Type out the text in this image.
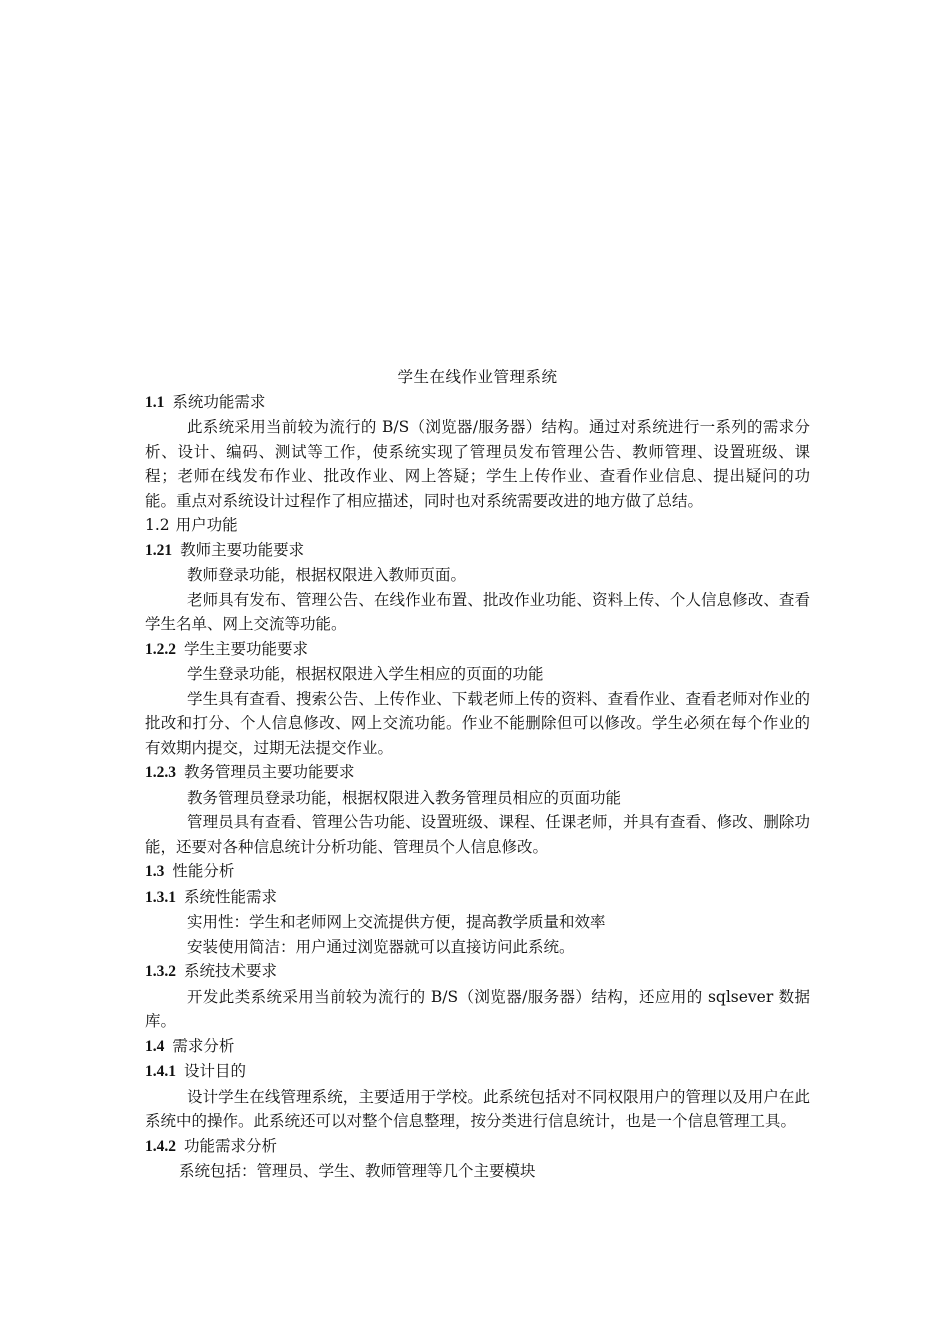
学生在线作业管理系统

1.1 系统功能需求

此系统采用当前较为流行的 B/S（浏览器/服务器）结构。通过对系统进行一系列的需求分析、设计、编码、测试等工作，使系统实现了管理员发布管理公告、教师管理、设置班级、课程；老师在线发布作业、批改作业、网上答疑；学生上传作业、查看作业信息、提出疑问的功能。重点对系统设计过程作了相应描述，同时也对系统需要改进的地方做了总结。

1.2 用户功能

1.21 教师主要功能要求

教师登录功能，根据权限进入教师页面。

老师具有发布、管理公告、在线作业布置、批改作业功能、资料上传、个人信息修改、查看学生名单、网上交流等功能。

1.2.2 学生主要功能要求

学生登录功能，根据权限进入学生相应的页面的功能

学生具有查看、搜索公告、上传作业、下载老师上传的资料、查看作业、查看老师对作业的批改和打分、个人信息修改、网上交流功能。作业不能删除但可以修改。学生必须在每个作业的有效期内提交，过期无法提交作业。

1.2.3 教务管理员主要功能要求

教务管理员登录功能，根据权限进入教务管理员相应的页面功能

管理员具有查看、管理公告功能、设置班级、课程、任课老师，并具有查看、修改、删除功能，还要对各种信息统计分析功能、管理员个人信息修改。

1.3 性能分析

1.3.1 系统性能需求

实用性：学生和老师网上交流提供方便，提高教学质量和效率

安装使用简洁：用户通过浏览器就可以直接访问此系统。

1.3.2 系统技术要求

开发此类系统采用当前较为流行的 B/S（浏览器/服务器）结构，还应用的 sqlsever 数据库。

1.4 需求分析

1.4.1 设计目的

设计学生在线管理系统，主要适用于学校。此系统包括对不同权限用户的管理以及用户在此系统中的操作。此系统还可以对整个信息整理，按分类进行信息统计，也是一个信息管理工具。

1.4.2 功能需求分析

系统包括：管理员、学生、教师管理等几个主要模块
